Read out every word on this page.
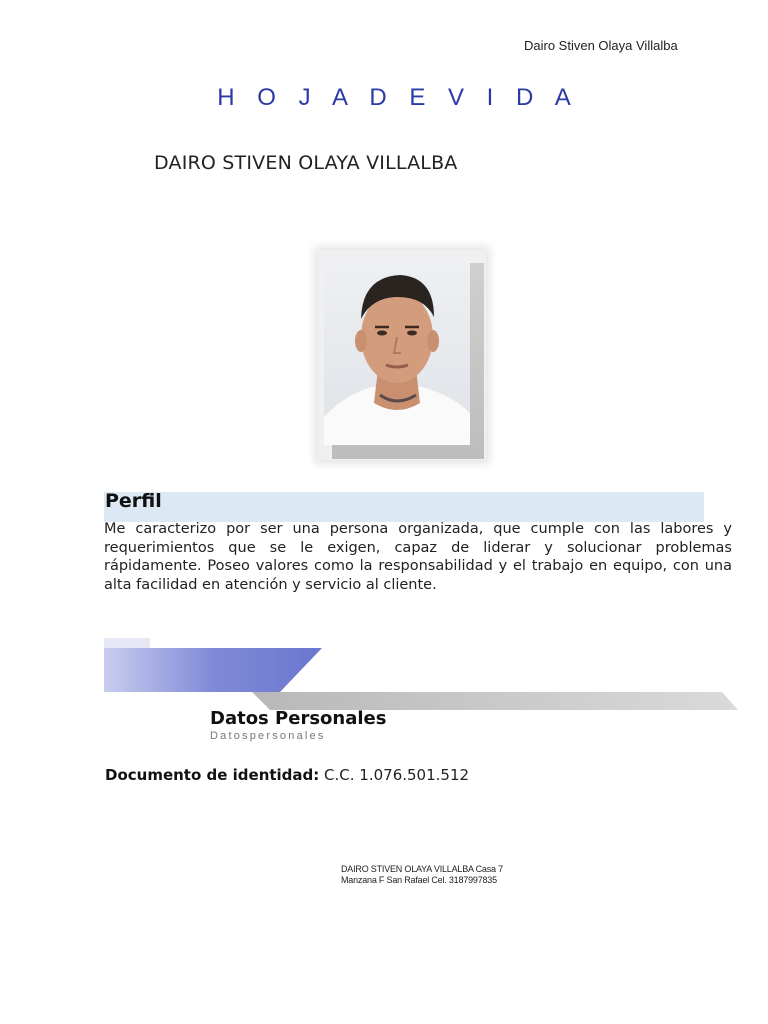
Dairo Stiven Olaya Villalba
H O J A D E V I D A
DAIRO STIVEN OLAYA VILLALBA
Perfil
Me caracterizo por ser una persona organizada, que cumple con las labores y requerimientos que se le exigen, capaz de liderar y solucionar problemas rápidamente. Poseo valores como la responsabilidad y el trabajo en equipo, con una alta facilidad en atención y servicio al cliente.
Datos Personales
Datospersonales
Documento de identidad: C.C. 1.076.501.512
DAIRO STIVEN OLAYA VILLALBA Casa 7
Manzana F San Rafael Cel. 3187997835
